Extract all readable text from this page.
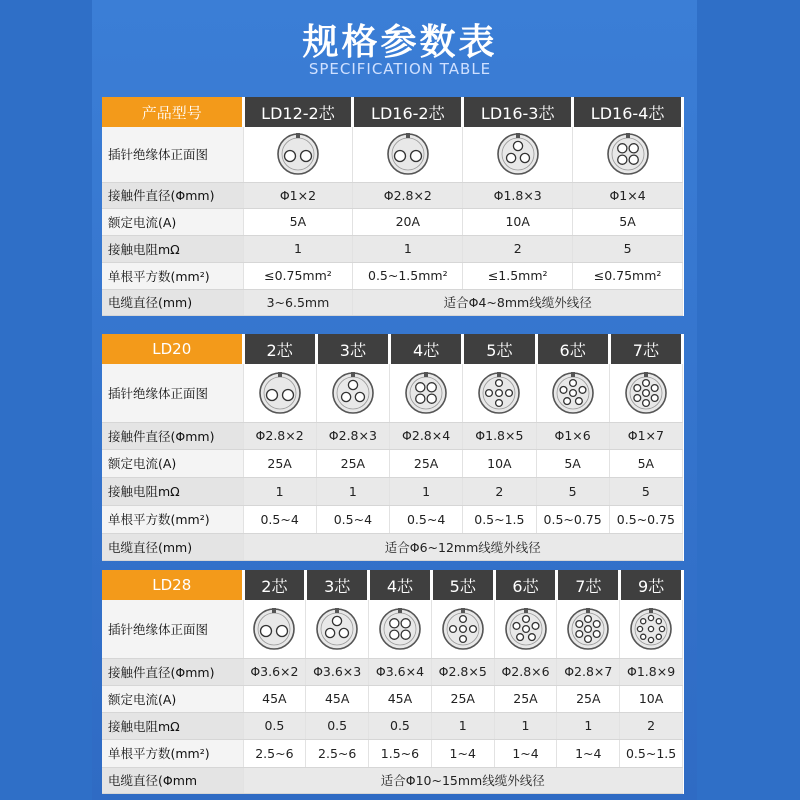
规格参数表
SPECIFICATION TABLE
产品型号	LD12-2芯	LD16-2芯	LD16-3芯	LD16-4芯
插针绝缘体正面图	

接触件直径(Φmm)	Φ1×2	Φ2.8×2	Φ1.8×3	Φ1×4
额定电流(A)	5A	20A	10A	5A
接触电阻mΩ	1	1	2	5
单根平方数(mm²)	≤0.75mm²	0.5~1.5mm²	≤1.5mm²	≤0.75mm²
电缆直径(mm)	3~6.5mm	适合Φ4~8mm线缆外线径		
LD20	2芯	3芯	4芯	5芯	6芯	7芯
插针绝缘体正面图	

接触件直径(Φmm)	Φ2.8×2	Φ2.8×3	Φ2.8×4	Φ1.8×5	Φ1×6	Φ1×7
额定电流(A)	25A	25A	25A	10A	5A	5A
接触电阻mΩ	1	1	1	2	5	5
单根平方数(mm²)	0.5~4	0.5~4	0.5~4	0.5~1.5	0.5~0.75	0.5~0.75
电缆直径(mm)	适合Φ6~12mm线缆外线径					
LD28	2芯	3芯	4芯	5芯	6芯	7芯	9芯
插针绝缘体正面图	

接触件直径(Φmm)	Φ3.6×2	Φ3.6×3	Φ3.6×4	Φ2.8×5	Φ2.8×6	Φ2.8×7	Φ1.8×9
额定电流(A)	45A	45A	45A	25A	25A	25A	10A
接触电阻mΩ	0.5	0.5	0.5	1	1	1	2
单根平方数(mm²)	2.5~6	2.5~6	1.5~6	1~4	1~4	1~4	0.5~1.5
电缆直径(Φmm	适合Φ10~15mm线缆外线径						
